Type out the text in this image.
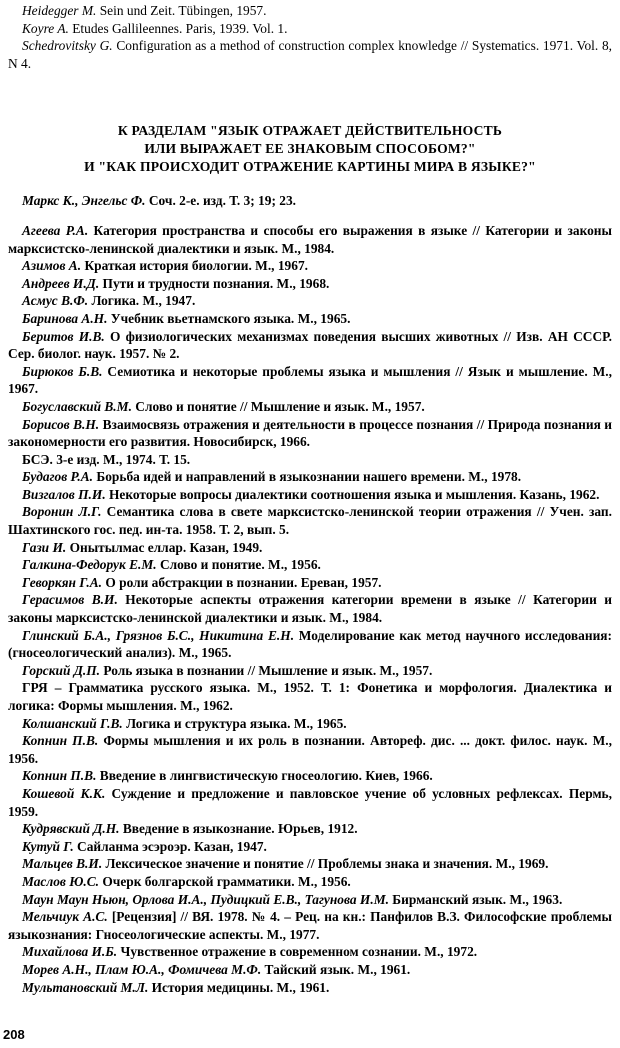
Heidegger M. Sein und Zeit. Tübingen, 1957.

Koyre A. Etudes Gallileennes. Paris, 1939. Vol. 1.

Schedrovitsky G. Configuration as a method of construction complex knowledge // Systematics. 1971. Vol. 8, N 4.

К РАЗДЕЛАМ "ЯЗЫК ОТРАЖАЕТ ДЕЙСТВИТЕЛЬНОСТЬ
ИЛИ ВЫРАЖАЕТ ЕЕ ЗНАКОВЫМ СПОСОБОМ?"
И "КАК ПРОИСХОДИТ ОТРАЖЕНИЕ КАРТИНЫ МИРА В ЯЗЫКЕ?"

Маркс К., Энгельс Ф. Соч. 2-е. изд. Т. 3; 19; 23.

Агеева Р.А. Категория пространства и способы его выражения в языке // Категории и законы марксистско-ленинской диалектики и язык. М., 1984.

Азимов А. Краткая история биологии. М., 1967.

Андреев И.Д. Пути и трудности познания. М., 1968.

Асмус В.Ф. Логика. М., 1947.

Баринова А.Н. Учебник вьетнамского языка. М., 1965.

Беритов И.В. О физиологических механизмах поведения высших животных // Изв. АН СССР. Сер. биолог. наук. 1957. № 2.

Бирюков Б.В. Семиотика и некоторые проблемы языка и мышления // Язык и мышление. М., 1967.

Богуславский В.М. Слово и понятие // Мышление и язык. М., 1957.

Борисов В.Н. Взаимосвязь отражения и деятельности в процессе познания // Природа познания и закономерности его развития. Новосибирск, 1966.

БСЭ. 3-е изд. М., 1974. Т. 15.

Будагов Р.А. Борьба идей и направлений в языкознании нашего времени. М., 1978.

Визгалов П.И. Некоторые вопросы диалектики соотношения языка и мышления. Казань, 1962.

Воронин Л.Г. Семантика слова в свете марксистско-ленинской теории отражения // Учен. зап. Шахтинского гос. пед. ин-та. 1958. Т. 2, вып. 5.

Гази И. Онытылмас еллар. Казан, 1949.

Галкина-Федорук Е.М. Слово и понятие. М., 1956.

Геворкян Г.А. О роли абстракции в познании. Ереван, 1957.

Герасимов В.И. Некоторые аспекты отражения категории времени в языке // Категории и законы марксистско-ленинской диалектики и язык. М., 1984.

Глинский Б.А., Грязнов Б.С., Никитина Е.Н. Моделирование как метод научного исследования: (гносеологический анализ). М., 1965.

Горский Д.П. Роль языка в познании // Мышление и язык. М., 1957.

ГРЯ – Грамматика русского языка. М., 1952. Т. 1: Фонетика и морфология. Диалектика и логика: Формы мышления. М., 1962.

Колшанский Г.В. Логика и структура языка. М., 1965.

Копнин П.В. Формы мышления и их роль в познании. Автореф. дис. ... докт. филос. наук. М., 1956.

Копнин П.В. Введение в лингвистическую гносеологию. Киев, 1966.

Кошевой К.К. Суждение и предложение и павловское учение об условных рефлексах. Пермь, 1959.

Кудрявский Д.Н. Введение в языкознание. Юрьев, 1912.

Кутуй Г. Сайланма эсэроэр. Казан, 1947.

Мальцев В.И. Лексическое значение и понятие // Проблемы знака и значения. М., 1969.

Маслов Ю.С. Очерк болгарской грамматики. М., 1956.

Маун Маун Ньюн, Орлова И.А., Пудицкий Е.В., Тагунова И.М. Бирманский язык. М., 1963.

Мельчиук А.С. [Рецензия] // ВЯ. 1978. № 4. – Рец. на кн.: Панфилов В.З. Философские проблемы языкознания: Гносеологические аспекты. М., 1977.

Михайлова И.Б. Чувственное отражение в современном сознании. М., 1972.

Морев А.Н., Плам Ю.А., Фомичева М.Ф. Тайский язык. М., 1961.

Мультановский М.Л. История медицины. М., 1961.

208
